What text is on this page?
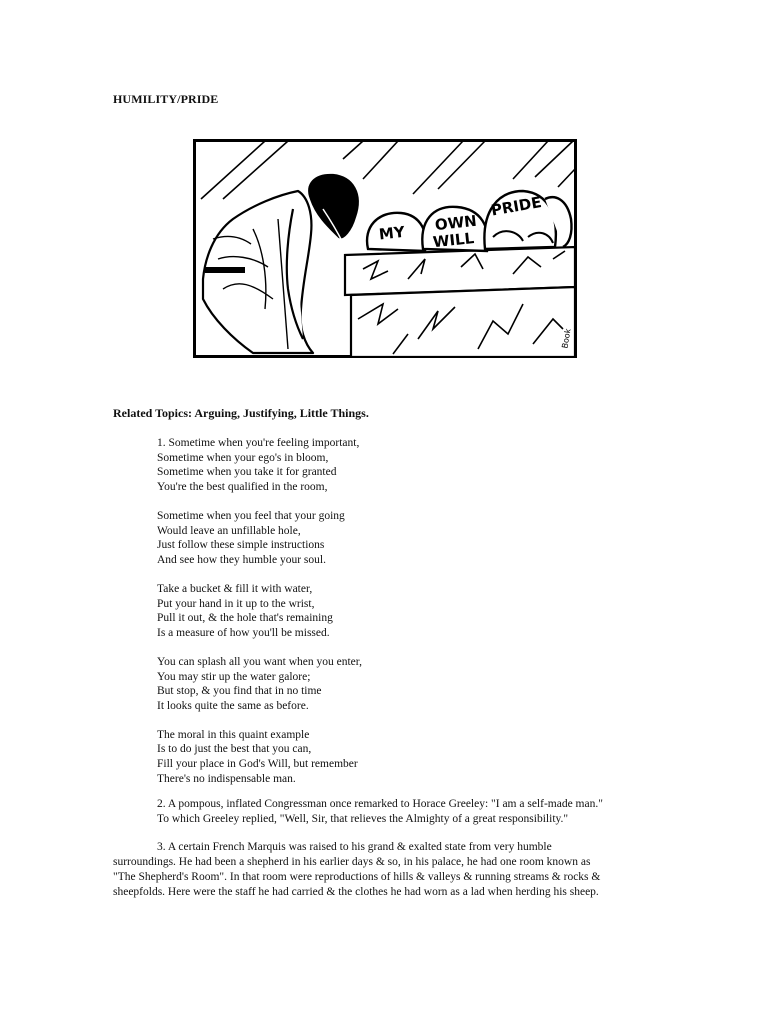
HUMILITY/PRIDE
MY OWN
WILL
PRIDE
Book
Related Topics: Arguing, Justifying, Little Things.
1. Sometime when you're feeling important,
Sometime when your ego's in bloom,
Sometime when you take it for granted
You're the best qualified in the room,
Sometime when you feel that your going
Would leave an unfillable hole,
Just follow these simple instructions
And see how they humble your soul.
Take a bucket & fill it with water,
Put your hand in it up to the wrist,
Pull it out, & the hole that's remaining
Is a measure of how you'll be missed.
You can splash all you want when you enter,
You may stir up the water galore;
But stop, & you find that in no time
It looks quite the same as before.
The moral in this quaint example
Is to do just the best that you can,
Fill your place in God's Will, but remember
There's no indispensable man.
2. A pompous, inflated Congressman once remarked to Horace Greeley: "I am a self-made man."
To which Greeley replied, "Well, Sir, that relieves the Almighty of a great responsibility."
3. A certain French Marquis was raised to his grand & exalted state from very humble
surroundings. He had been a shepherd in his earlier days & so, in his palace, he had one room known as
"The Shepherd's Room". In that room were reproductions of hills & valleys & running streams & rocks &
sheepfolds. Here were the staff he had carried & the clothes he had worn as a lad when herding his sheep.
